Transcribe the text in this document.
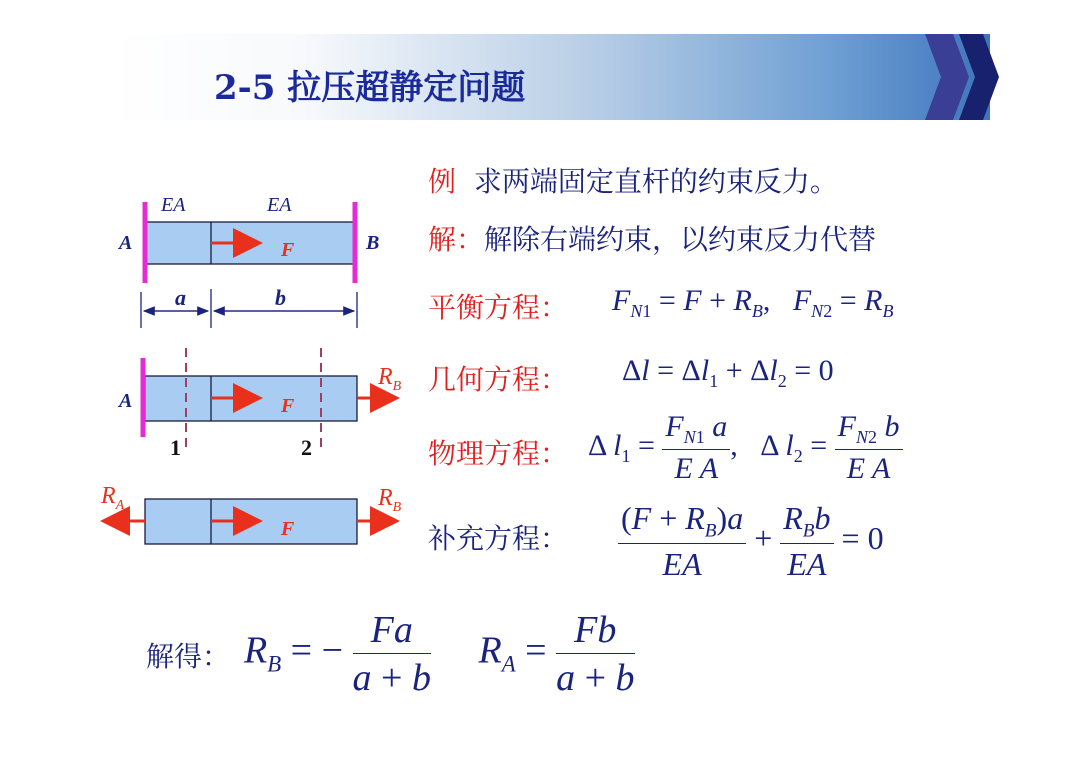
2-5 拉压超静定问题
EA	EA
A	B
F
a	b
A	F
$R_B$
1	2
F
$R_A$	$R_B$
例 求两端固定直杆的约束反力。
解：解除右端约束，以约束反力代替
平衡方程： $F_{N1} = F + R_B$,   $F_{N2} = R_B$
几何方程： $\Delta l = \Delta l_1 + \Delta l_2 = 0$
物理方程： Δ $l_1 = \frac{F_{N1} a}{\text{E A}}$ ,   Δ $l_2 = \frac{F_{N2} b}{\text{E A}}$
补充方程： $\frac{(F + R_B)a}{EA} + \frac{R_Bb}{EA} = 0$
解得： $R_B$ = − $\frac{Fa}{a + b} R_A = \frac{Fb}{a + b}$
